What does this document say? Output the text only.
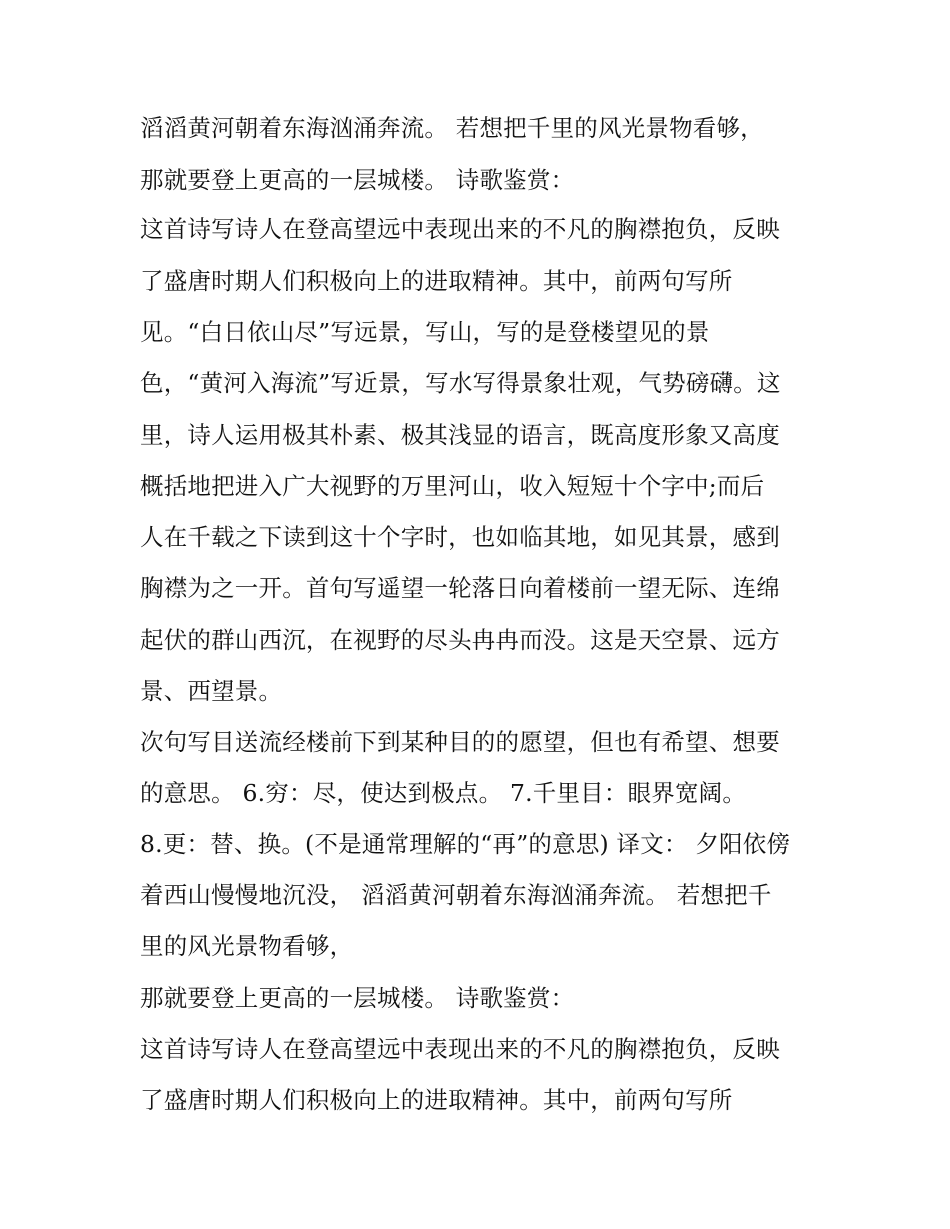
滔滔黄河朝着东海汹涌奔流。 若想把千里的风光景物看够，
那就要登上更高的一层城楼。 诗歌鉴赏：
这首诗写诗人在登高望远中表现出来的不凡的胸襟抱负，反映
了盛唐时期人们积极向上的进取精神。其中，前两句写所
见。“白日依山尽”写远景，写山，写的是登楼望见的景
色，“黄河入海流”写近景，写水写得景象壮观，气势磅礴。这
里，诗人运用极其朴素、极其浅显的语言，既高度形象又高度
概括地把进入广大视野的万里河山，收入短短十个字中;而后
人在千载之下读到这十个字时，也如临其地，如见其景，感到
胸襟为之一开。首句写遥望一轮落日向着楼前一望无际、连绵
起伏的群山西沉，在视野的尽头冉冉而没。这是天空景、远方
景、西望景。
次句写目送流经楼前下到某种目的的愿望，但也有希望、想要
的意思。 6.穷：尽，使达到极点。 7.千里目：眼界宽阔。
8.更：替、换。(不是通常理解的“再”的意思) 译文： 夕阳依傍
着西山慢慢地沉没， 滔滔黄河朝着东海汹涌奔流。 若想把千
里的风光景物看够，
那就要登上更高的一层城楼。 诗歌鉴赏：
这首诗写诗人在登高望远中表现出来的不凡的胸襟抱负，反映
了盛唐时期人们积极向上的进取精神。其中，前两句写所
